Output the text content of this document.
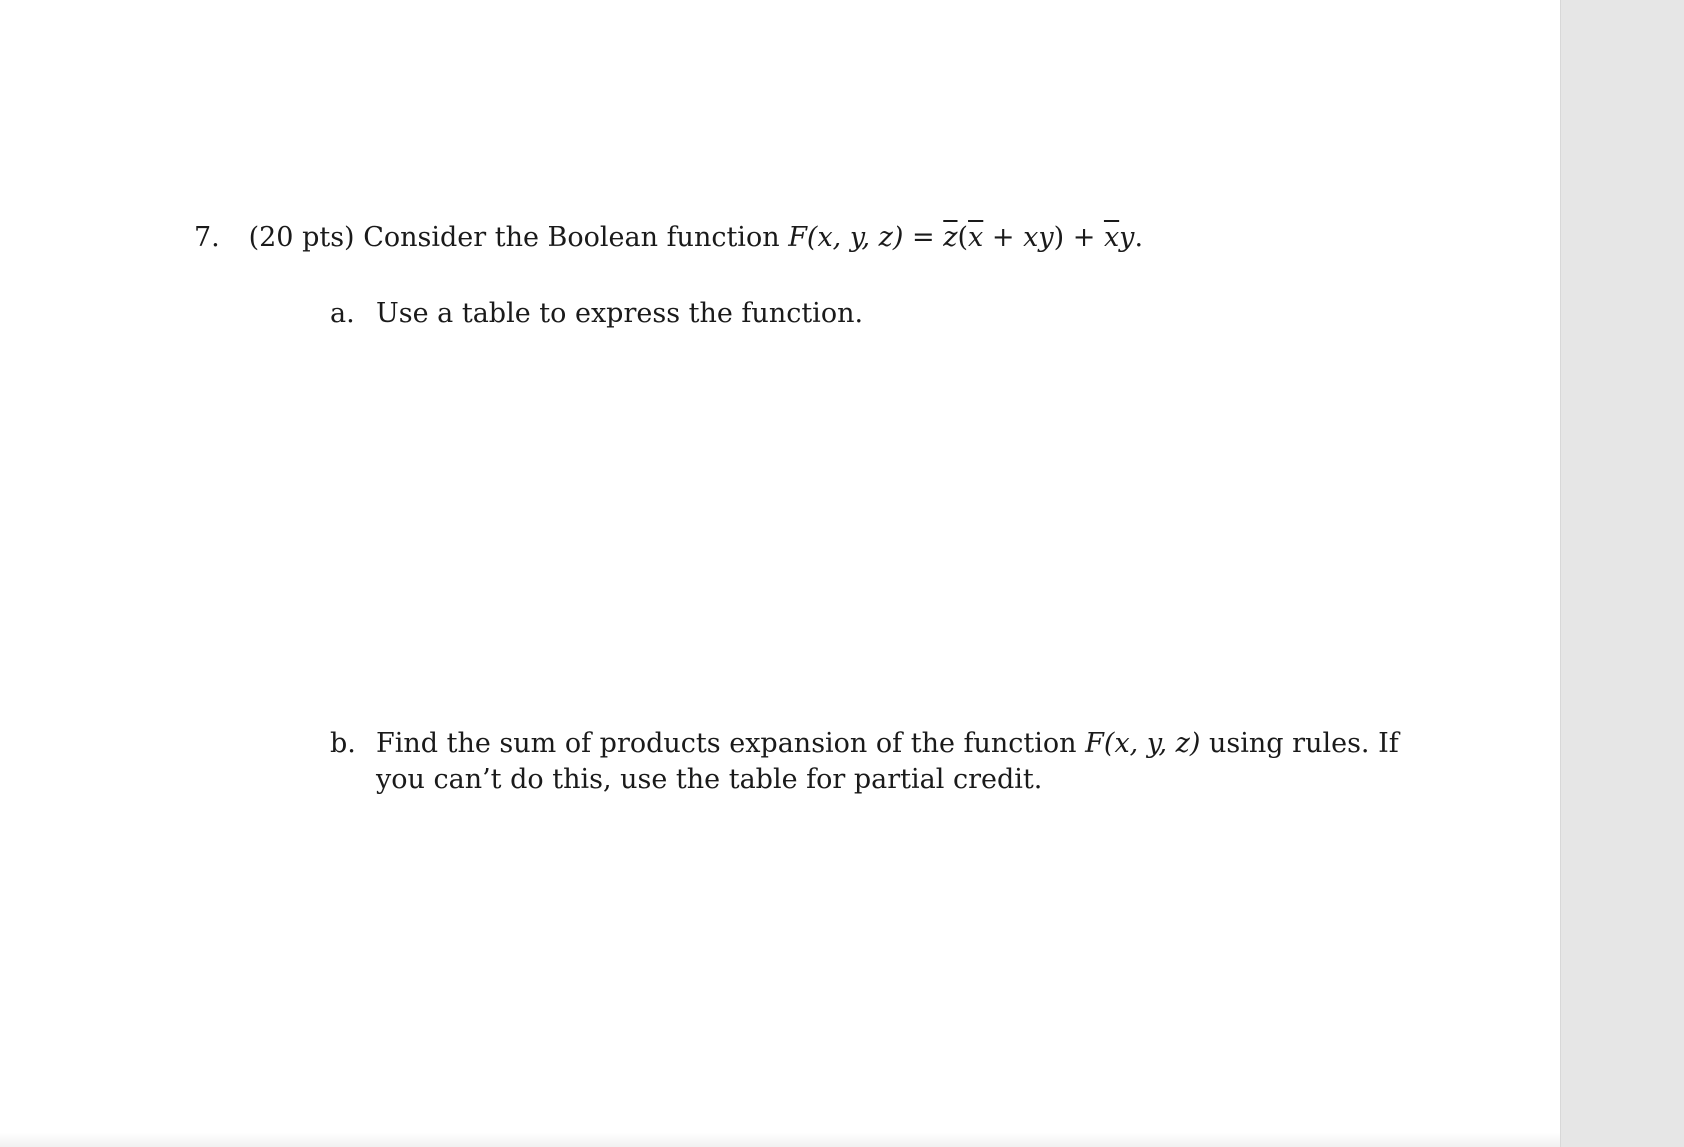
7. (20 pts) Consider the Boolean function F(x, y, $z) = \overline{z}(\overline{x} + xy) + \overline{x}y$.
a. Use a table to express the function.
b. Find the sum of products expansion of the function F(x, y, z) using rules. If you can’t do this, use the table for partial credit.
